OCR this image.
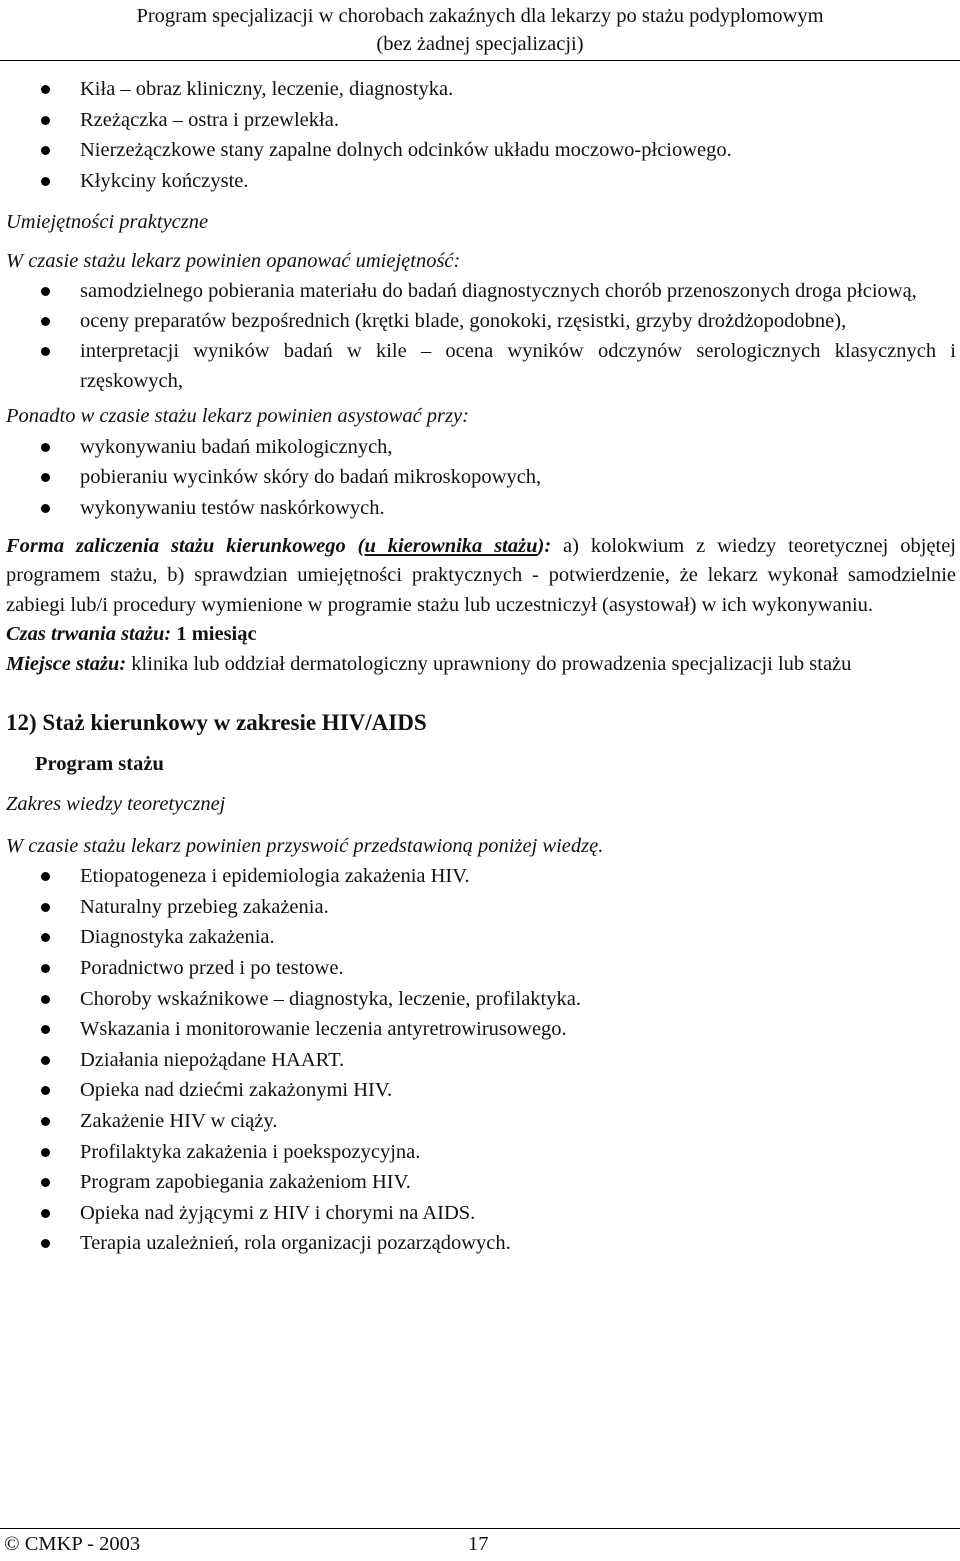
Program specjalizacji w chorobach zakaźnych dla lekarzy po stażu podyplomowym
(bez żadnej specjalizacji)
Kiła – obraz kliniczny, leczenie, diagnostyka.
Rzeżączka – ostra i przewlekła.
Nierzeżączkowe stany zapalne dolnych odcinków układu moczowo-płciowego.
Kłykciny kończyste.

Umiejętności praktyczne

W czasie stażu lekarz powinien opanować umiejętność:

samodzielnego pobierania materiału do badań diagnostycznych chorób przenoszonych droga płciową,
oceny preparatów bezpośrednich (krętki blade, gonokoki, rzęsistki, grzyby drożdżopodobne),
interpretacji wyników badań w kile – ocena wyników odczynów serologicznych klasycznych i rzęskowych,

Ponadto w czasie stażu lekarz powinien asystować przy:

wykonywaniu badań mikologicznych,
pobieraniu wycinków skóry do badań mikroskopowych,
wykonywaniu testów naskórkowych.

Forma zaliczenia stażu kierunkowego (u kierownika stażu): a) kolokwium z wiedzy teoretycznej objętej programem stażu, b) sprawdzian umiejętności praktycznych - potwierdzenie, że lekarz wykonał samodzielnie zabiegi lub/i procedury wymienione w programie stażu lub uczestniczył (asystował) w ich wykonywaniu.

Czas trwania stażu: 1 miesiąc

Miejsce stażu: klinika lub oddział dermatologiczny uprawniony do prowadzenia specjalizacji lub stażu

12) Staż kierunkowy w zakresie HIV/AIDS
Program stażu

Zakres wiedzy teoretycznej

W czasie stażu lekarz powinien przyswoić przedstawioną poniżej wiedzę.

Etiopatogeneza i epidemiologia zakażenia HIV.
Naturalny przebieg zakażenia.
Diagnostyka zakażenia.
Poradnictwo przed i po testowe.
Choroby wskaźnikowe – diagnostyka, leczenie, profilaktyka.
Wskazania i monitorowanie leczenia antyretrowirusowego.
Działania niepożądane HAART.
Opieka nad dziećmi zakażonymi HIV.
Zakażenie HIV w ciąży.
Profilaktyka zakażenia i poekspozycyjna.
Program zapobiegania zakażeniom HIV.
Opieka nad żyjącymi z HIV i chorymi na AIDS.
Terapia uzależnień, rola organizacji pozarządowych.
© CMKP - 2003	17
